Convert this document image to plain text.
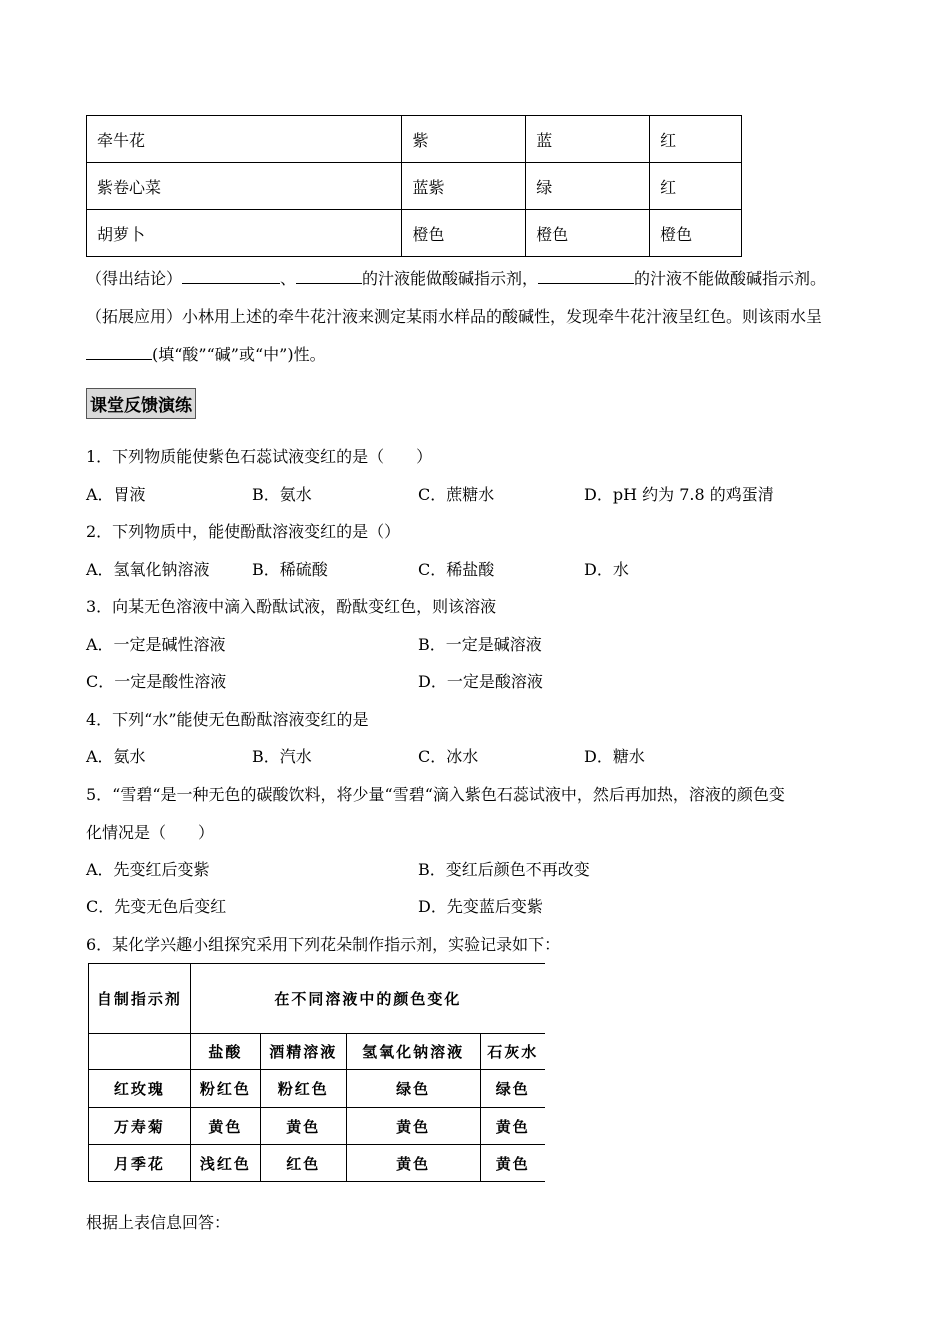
牵牛花	紫	蓝	红
紫卷心菜	蓝紫	绿	红
胡萝卜	橙色	橙色	橙色
（得出结论）	、	的汁液能做酸碱指示剂，	的汁液不能做酸碱指示剂。
（拓展应用）小林用上述的牵牛花汁液来测定某雨水样品的酸碱性，发现牵牛花汁液呈红色。则该雨水呈
(填“酸”“碱”或“中”)性。
课堂反馈演练
1．下列物质能使紫色石蕊试液变红的是（　　）
A．胃液	B．氨水	C．蔗糖水	D．pH 约为 7.8 的鸡蛋清
2．下列物质中，能使酚酞溶液变红的是（）
A．氢氧化钠溶液	B．稀硫酸	C．稀盐酸	D．水
3．向某无色溶液中滴入酚酞试液，酚酞变红色，则该溶液
A．一定是碱性溶液	B．一定是碱溶液
C．一定是酸性溶液	D．一定是酸溶液
4．下列“水”能使无色酚酞溶液变红的是
A．氨水	B．汽水	C．冰水	D．糖水
5．“雪碧“是一种无色的碳酸饮料，将少量“雪碧“滴入紫色石蕊试液中，然后再加热，溶液的颜色变
化情况是（　　）
A．先变红后变紫	B．变红后颜色不再改变
C．先变无色后变红	D．先变蓝后变紫
6．某化学兴趣小组探究采用下列花朵制作指示剂，实验记录如下：
自制指示剂	在不同溶液中的颜色变化			
	盐酸	酒精溶液	氢氧化钠溶液	石灰水
红玫瑰	粉红色	粉红色	绿色	绿色
万寿菊	黄色	黄色	黄色	黄色
月季花	浅红色	红色	黄色	黄色
根据上表信息回答：
